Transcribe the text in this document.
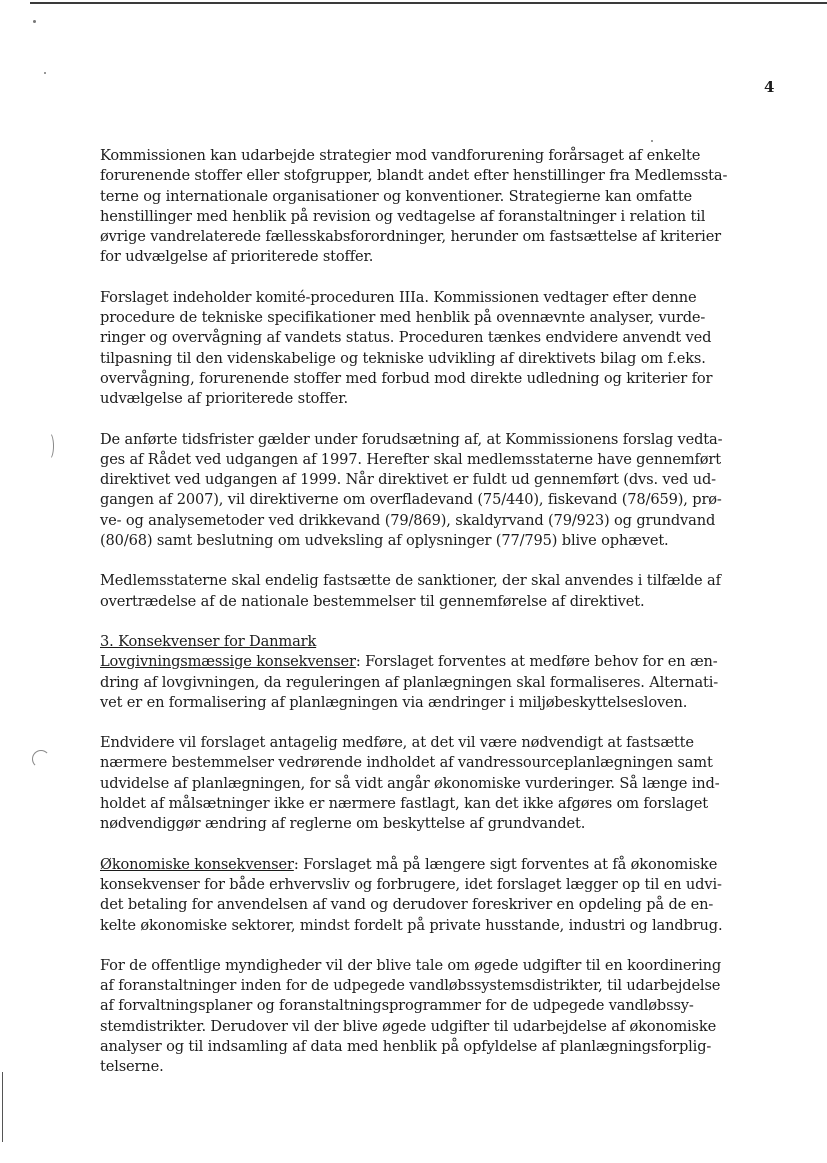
4
Kommissionen kan udarbejde strategier mod vandforurening forårsaget af enkelte
forurenende stoffer eller stofgrupper, blandt andet efter henstillinger fra Medlemssta-
terne og internationale organisationer og konventioner. Strategierne kan omfatte
henstillinger med henblik på revision og vedtagelse af foranstaltninger i relation til
øvrige vandrelaterede fællesskabsforordninger, herunder om fastsættelse af kriterier
for udvælgelse af prioriterede stoffer.
Forslaget indeholder komité-proceduren IIIa. Kommissionen vedtager efter denne
procedure de tekniske specifikationer med henblik på ovennævnte analyser, vurde-
ringer og overvågning af vandets status. Proceduren tænkes endvidere anvendt ved
tilpasning til den videnskabelige og tekniske udvikling af direktivets bilag om f.eks.
overvågning, forurenende stoffer med forbud mod direkte udledning og kriterier for
udvælgelse af prioriterede stoffer.
De anførte tidsfrister gælder under forudsætning af, at Kommissionens forslag vedta-
ges af Rådet ved udgangen af 1997. Herefter skal medlemsstaterne have gennemført
direktivet ved udgangen af 1999. Når direktivet er fuldt ud gennemført (dvs. ved ud-
gangen af 2007), vil direktiverne om overfladevand (75/440), fiskevand (78/659), prø-
ve- og analysemetoder ved drikkevand (79/869), skaldyrvand (79/923) og grundvand
(80/68) samt beslutning om udveksling af oplysninger (77/795) blive ophævet.
Medlemsstaterne skal endelig fastsætte de sanktioner, der skal anvendes i tilfælde af
overtrædelse af de nationale bestemmelser til gennemførelse af direktivet.
3. Konsekvenser for Danmark
Lovgivningsmæssige konsekvenser: Forslaget forventes at medføre behov for en æn-
dring af lovgivningen, da reguleringen af planlægningen skal formaliseres. Alternati-
vet er en formalisering af planlægningen via ændringer i miljøbeskyttelsesloven.
Endvidere vil forslaget antagelig medføre, at det vil være nødvendigt at fastsætte
nærmere bestemmelser vedrørende indholdet af vandressourceplanlægningen samt
udvidelse af planlægningen, for så vidt angår økonomiske vurderinger. Så længe ind-
holdet af målsætninger ikke er nærmere fastlagt, kan det ikke afgøres om forslaget
nødvendiggør ændring af reglerne om beskyttelse af grundvandet.
Økonomiske konsekvenser: Forslaget må på længere sigt forventes at få økonomiske
konsekvenser for både erhvervsliv og forbrugere, idet forslaget lægger op til en udvi-
det betaling for anvendelsen af vand og derudover foreskriver en opdeling på de en-
kelte økonomiske sektorer, mindst fordelt på private husstande, industri og landbrug.
For de offentlige myndigheder vil der blive tale om øgede udgifter til en koordinering
af foranstaltninger inden for de udpegede vandløbssystemsdistrikter, til udarbejdelse
af forvaltningsplaner og foranstaltningsprogrammer for de udpegede vandløbssy-
stemdistrikter. Derudover vil der blive øgede udgifter til udarbejdelse af økonomiske
analyser og til indsamling af data med henblik på opfyldelse af planlægningsforplig-
telserne.
